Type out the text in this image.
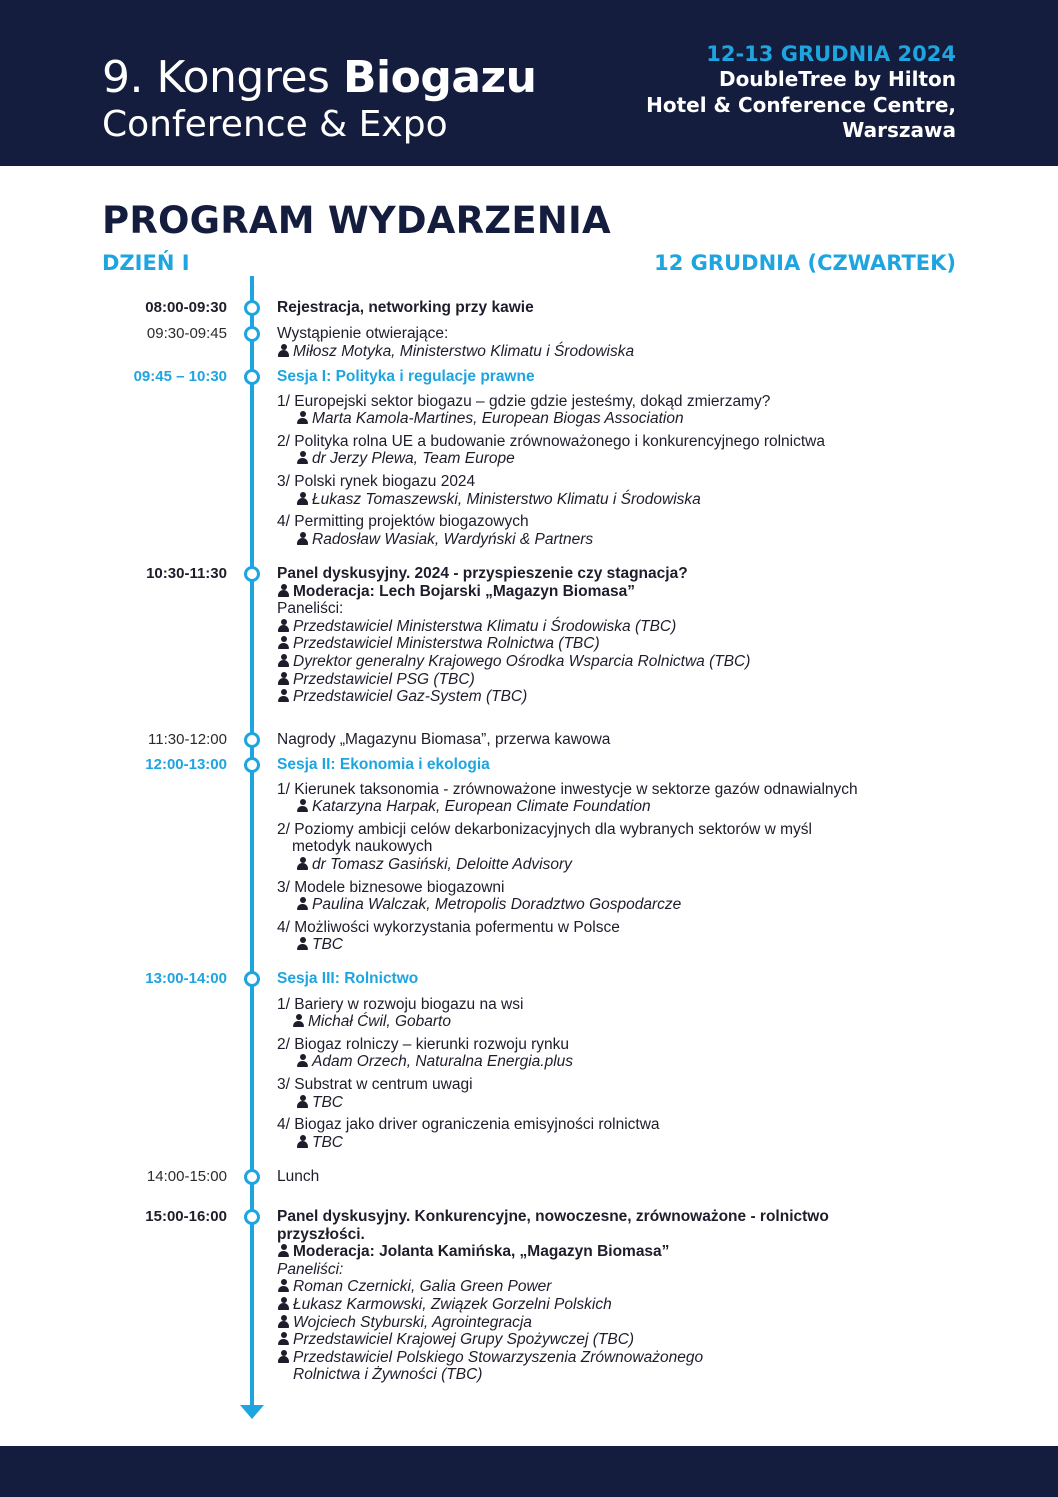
9. Kongres Biogazu
Conference & Expo
12-13 GRUDNIA 2024
DoubleTree by Hilton
Hotel & Conference Centre,
Warszawa
PROGRAM WYDARZENIA
DZIEŃ I	12 GRUDNIA (CZWARTEK)
08:00-09:30	Rejestracja, networking przy kawie
09:30-09:45	Wystąpienie otwierające:
Miłosz Motyka, Ministerstwo Klimatu i Środowiska
09:45 – 10:30	Sesja I: Polityka i regulacje prawne
1/ Europejski sektor biogazu – gdzie gdzie jesteśmy, dokąd zmierzamy?
Marta Kamola-Martines, European Biogas Association
2/ Polityka rolna UE a budowanie zrównoważonego i konkurencyjnego rolnictwa
dr Jerzy Plewa, Team Europe
3/ Polski rynek biogazu 2024
Łukasz Tomaszewski, Ministerstwo Klimatu i Środowiska
4/ Permitting projektów biogazowych
Radosław Wasiak, Wardyński & Partners
10:30-11:30	Panel dyskusyjny. 2024 - przyspieszenie czy stagnacja?
Moderacja: Lech Bojarski „Magazyn Biomasa”
Paneliści:
Przedstawiciel Ministerstwa Klimatu i Środowiska (TBC)
Przedstawiciel Ministerstwa Rolnictwa (TBC)
Dyrektor generalny Krajowego Ośrodka Wsparcia Rolnictwa (TBC)
Przedstawiciel PSG (TBC)
Przedstawiciel Gaz-System (TBC)
11:30-12:00	Nagrody „Magazynu Biomasa”, przerwa kawowa
12:00-13:00	Sesja II: Ekonomia i ekologia
1/ Kierunek taksonomia - zrównoważone inwestycje w sektorze gazów odnawialnych
Katarzyna Harpak, European Climate Foundation
2/ Poziomy ambicji celów dekarbonizacyjnych dla wybranych sektorów w myśl
metodyk naukowych
dr Tomasz Gasiński, Deloitte Advisory
3/ Modele biznesowe biogazowni
Paulina Walczak, Metropolis Doradztwo Gospodarcze
4/ Możliwości wykorzystania pofermentu w Polsce
TBC
13:00-14:00	Sesja III: Rolnictwo
1/ Bariery w rozwoju biogazu na wsi
Michał Ćwil, Gobarto
2/ Biogaz rolniczy – kierunki rozwoju rynku
Adam Orzech, Naturalna Energia.plus
3/ Substrat w centrum uwagi
TBC
4/ Biogaz jako driver ograniczenia emisyjności rolnictwa
TBC
14:00-15:00	Lunch
15:00-16:00	Panel dyskusyjny. Konkurencyjne, nowoczesne, zrównoważone - rolnictwo
przyszłości.
Moderacja: Jolanta Kamińska, „Magazyn Biomasa”
Paneliści:
Roman Czernicki, Galia Green Power
Łukasz Karmowski, Związek Gorzelni Polskich
Wojciech Styburski, Agrointegracja
Przedstawiciel Krajowej Grupy Spożywczej (TBC)
Przedstawiciel Polskiego Stowarzyszenia Zrównoważonego
Rolnictwa i Żywności (TBC)
